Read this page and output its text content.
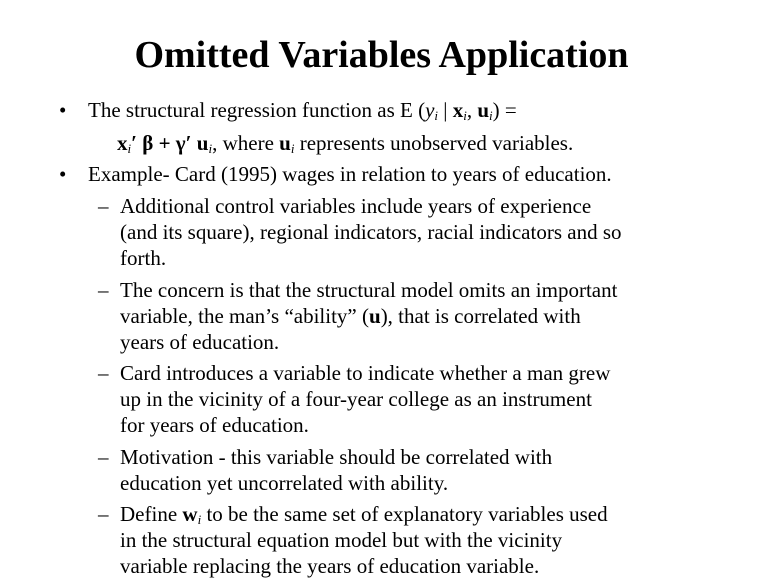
Omitted Variables Application
• The structural regression function as E ($y_i$ | $x_i$, $u_i$) =
$x_i'$ β + γ′ $u_i$, where $u_i$ represents unobserved variables.
• Example- Card (1995) wages in relation to years of education.
– Additional control variables include years of experience
(and its square), regional indicators, racial indicators and so
forth.
– The concern is that the structural model omits an important
variable, the man’s “ability” (u), that is correlated with
years of education.
– Card introduces a variable to indicate whether a man grew
up in the vicinity of a four-year college as an instrument
for years of education.
– Motivation - this variable should be correlated with
education yet uncorrelated with ability.
– Define $w_i$ to be the same set of explanatory variables used
in the structural equation model but with the vicinity
variable replacing the years of education variable.
